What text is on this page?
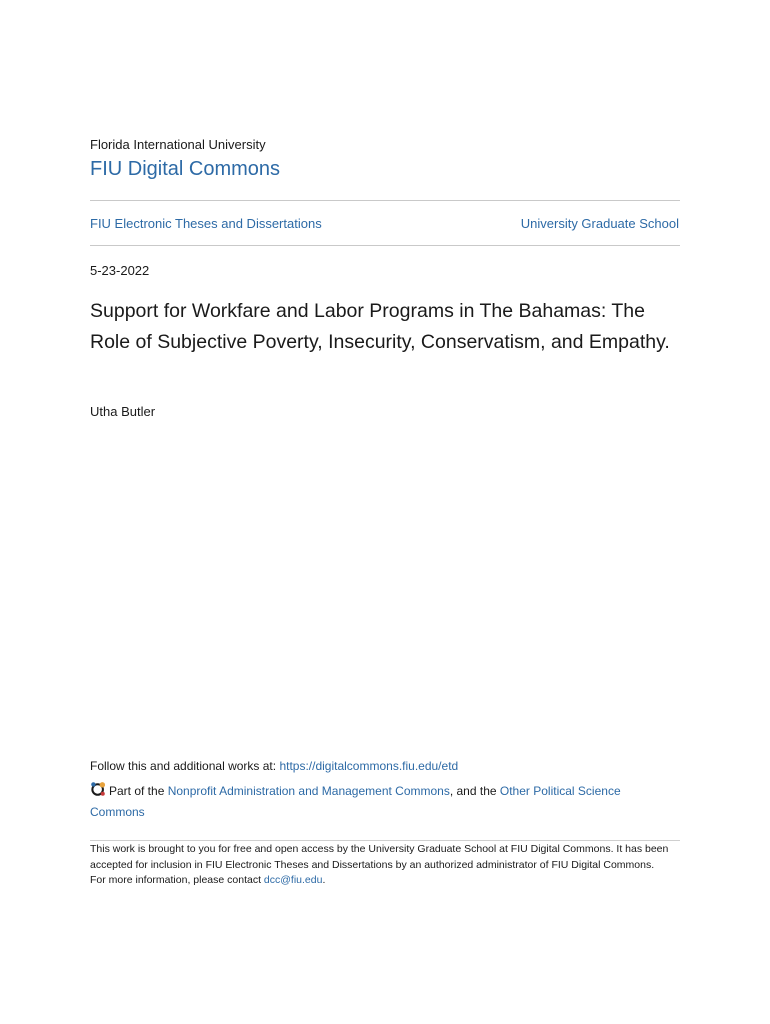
Florida International University
FIU Digital Commons
FIU Electronic Theses and Dissertations	University Graduate School
5-23-2022
Support for Workfare and Labor Programs in The Bahamas: The Role of Subjective Poverty, Insecurity, Conservatism, and Empathy.
Utha Butler
Follow this and additional works at: https://digitalcommons.fiu.edu/etd
Part of the Nonprofit Administration and Management Commons, and the Other Political Science Commons
This work is brought to you for free and open access by the University Graduate School at FIU Digital Commons. It has been accepted for inclusion in FIU Electronic Theses and Dissertations by an authorized administrator of FIU Digital Commons. For more information, please contact dcc@fiu.edu.
